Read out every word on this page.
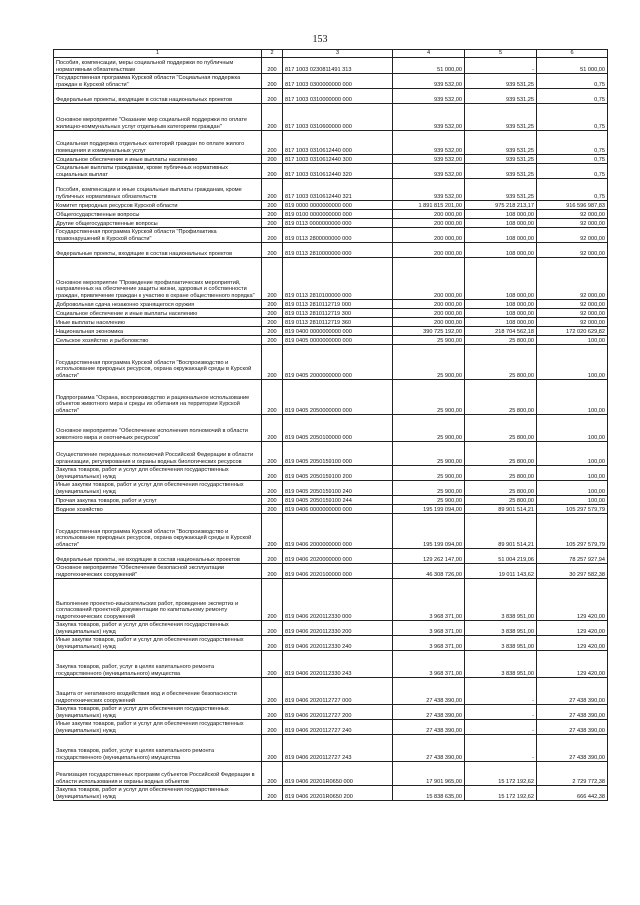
153
1	2	3	4	5	6
Пособия, компенсации, меры социальной поддержки по публичным нормативным обязательствам	200	817 1003 0230811491 313	51 000,00	-	51 000,00
Государственная программа Курской области "Социальная поддержка граждан в Курской области"	200	817 1003 0300000000 000	939 532,00	939 531,25	0,75
Федеральные проекты, входящие в состав национальных проектов	200	817 1003 0310000000 000	939 532,00	939 531,25	0,75
Основное мероприятие "Оказание мер социальной поддержки по оплате жилищно-коммунальных услуг отдельным категориям граждан"	200	817 1003 0310600000 000	939 532,00	939 531,25	0,75
Социальная поддержка отдельных категорий граждан по оплате жилого помещения и коммунальных услуг	200	817 1003 0310612440 000	939 532,00	939 531,25	0,75
Социальное обеспечение и иные выплаты населению	200	817 1003 0310612440 300	939 532,00	939 531,25	0,75
Социальные выплаты гражданам, кроме публичных нормативных социальных выплат	200	817 1003 0310612440 320	939 532,00	939 531,25	0,75
Пособия, компенсации и иные социальные выплаты гражданам, кроме публичных нормативных обязательств	200	817 1003 0310612440 321	939 532,00	939 531,25	0,75
Комитет природных ресурсов Курской области	200	819 0000 0000000000 000	1 891 815 201,00	975 218 213,17	916 596 987,83
Общегосударственные вопросы	200	819 0100 0000000000 000	200 000,00	108 000,00	92 000,00
Другие общегосударственные вопросы	200	819 0113 0000000000 000	200 000,00	108 000,00	92 000,00
Государственная программа Курской области "Профилактика правонарушений в Курской области"	200	819 0113 2800000000 000	200 000,00	108 000,00	92 000,00
Федеральные проекты, входящие в состав национальных проектов	200	819 0113 2810000000 000	200 000,00	108 000,00	92 000,00
Основное мероприятие "Проведение профилактических мероприятий, направленных на обеспечение защиты жизни, здоровья и собственности граждан, привлечение граждан к участию в охране общественного порядка"	200	819 0113 2810100000 000	200 000,00	108 000,00	92 000,00
Добровольная сдача незаконно хранящегося оружия	200	819 0113 2810112719 000	200 000,00	108 000,00	92 000,00
Социальное обеспечение и иные выплаты населению	200	819 0113 2810112719 300	200 000,00	108 000,00	92 000,00
Иные выплаты населению	200	819 0113 2810112719 360	200 000,00	108 000,00	92 000,00
Национальная экономика	200	819 0400 0000000000 000	390 725 192,00	218 704 562,18	172 020 629,82
Сельское хозяйство и рыболовство	200	819 0405 0000000000 000	25 900,00	25 800,00	100,00
Государственная программа Курской области "Воспроизводство и использование природных ресурсов, охрана окружающей среды в Курской области"	200	819 0405 2000000000 000	25 900,00	25 800,00	100,00
Подпрограмма "Охрана, воспроизводство и рациональное использование объектов животного мира и среды их обитания на территории Курской области"	200	819 0405 2050000000 000	25 900,00	25 800,00	100,00
Основное мероприятие "Обеспечение исполнения полномочий в области животного мира и охотничьих ресурсов"	200	819 0405 2050100000 000	25 900,00	25 800,00	100,00
Осуществление переданных полномочий Российской Федерации в области организации, регулирования и охраны водных биологических ресурсов	200	819 0405 2050159100 000	25 900,00	25 800,00	100,00
Закупка товаров, работ и услуг для обеспечения государственных (муниципальных) нужд	200	819 0405 2050159100 200	25 900,00	25 800,00	100,00
Иные закупки товаров, работ и услуг для обеспечения государственных (муниципальных) нужд	200	819 0405 2050159100 240	25 900,00	25 800,00	100,00
Прочая закупка товаров, работ и услуг	200	819 0405 2050159100 244	25 900,00	25 800,00	100,00
Водное хозяйство	200	819 0406 0000000000 000	195 199 094,00	89 901 514,21	105 297 579,79
Государственная программа Курской области "Воспроизводство и использование природных ресурсов, охрана окружающей среды в Курской области"	200	819 0406 2000000000 000	195 199 094,00	89 901 514,21	105 297 579,79
Федеральные проекты, не входящие в состав национальных проектов	200	819 0406 2020000000 000	129 262 147,00	51 004 219,06	78 257 927,94
Основное мероприятие "Обеспечение безопасной эксплуатации гидротехнических сооружений"	200	819 0406 2020100000 000	46 308 726,00	19 011 143,62	30 297 582,38
Выполнение проектно-изыскательских работ, проведение экспертиз и согласований проектной документации по капитальному ремонту гидротехнических сооружений	200	819 0406 2020112330 000	3 968 371,00	3 838 951,00	129 420,00
Закупка товаров, работ и услуг для обеспечения государственных (муниципальных) нужд	200	819 0406 2020112330 200	3 968 371,00	3 838 951,00	129 420,00
Иные закупки товаров, работ и услуг для обеспечения государственных (муниципальных) нужд	200	819 0406 2020112330 240	3 968 371,00	3 838 951,00	129 420,00
Закупка товаров, работ, услуг в целях капитального ремонта государственного (муниципального) имущества	200	819 0406 2020112330 243	3 968 371,00	3 838 951,00	129 420,00
Защита от негативного воздействия вод и обеспечение безопасности гидротехнических сооружений	200	819 0406 2020112727 000	27 438 390,00	-	27 438 390,00
Закупка товаров, работ и услуг для обеспечения государственных (муниципальных) нужд	200	819 0406 2020112727 200	27 438 390,00	-	27 438 390,00
Иные закупки товаров, работ и услуг для обеспечения государственных (муниципальных) нужд	200	819 0406 2020112727 240	27 438 390,00	-	27 438 390,00
Закупка товаров, работ, услуг в целях капитального ремонта государственного (муниципального) имущества	200	819 0406 2020112727 243	27 438 390,00	-	27 438 390,00
Реализация государственных программ субъектов Российской Федерации в области использования и охраны водных объектов	200	819 0406 20201R0650 000	17 901 965,00	15 172 192,62	2 729 772,38
Закупка товаров, работ и услуг для обеспечения государственных (муниципальных) нужд	200	819 0406 20201R0650 200	15 838 635,00	15 172 192,62	666 442,38
